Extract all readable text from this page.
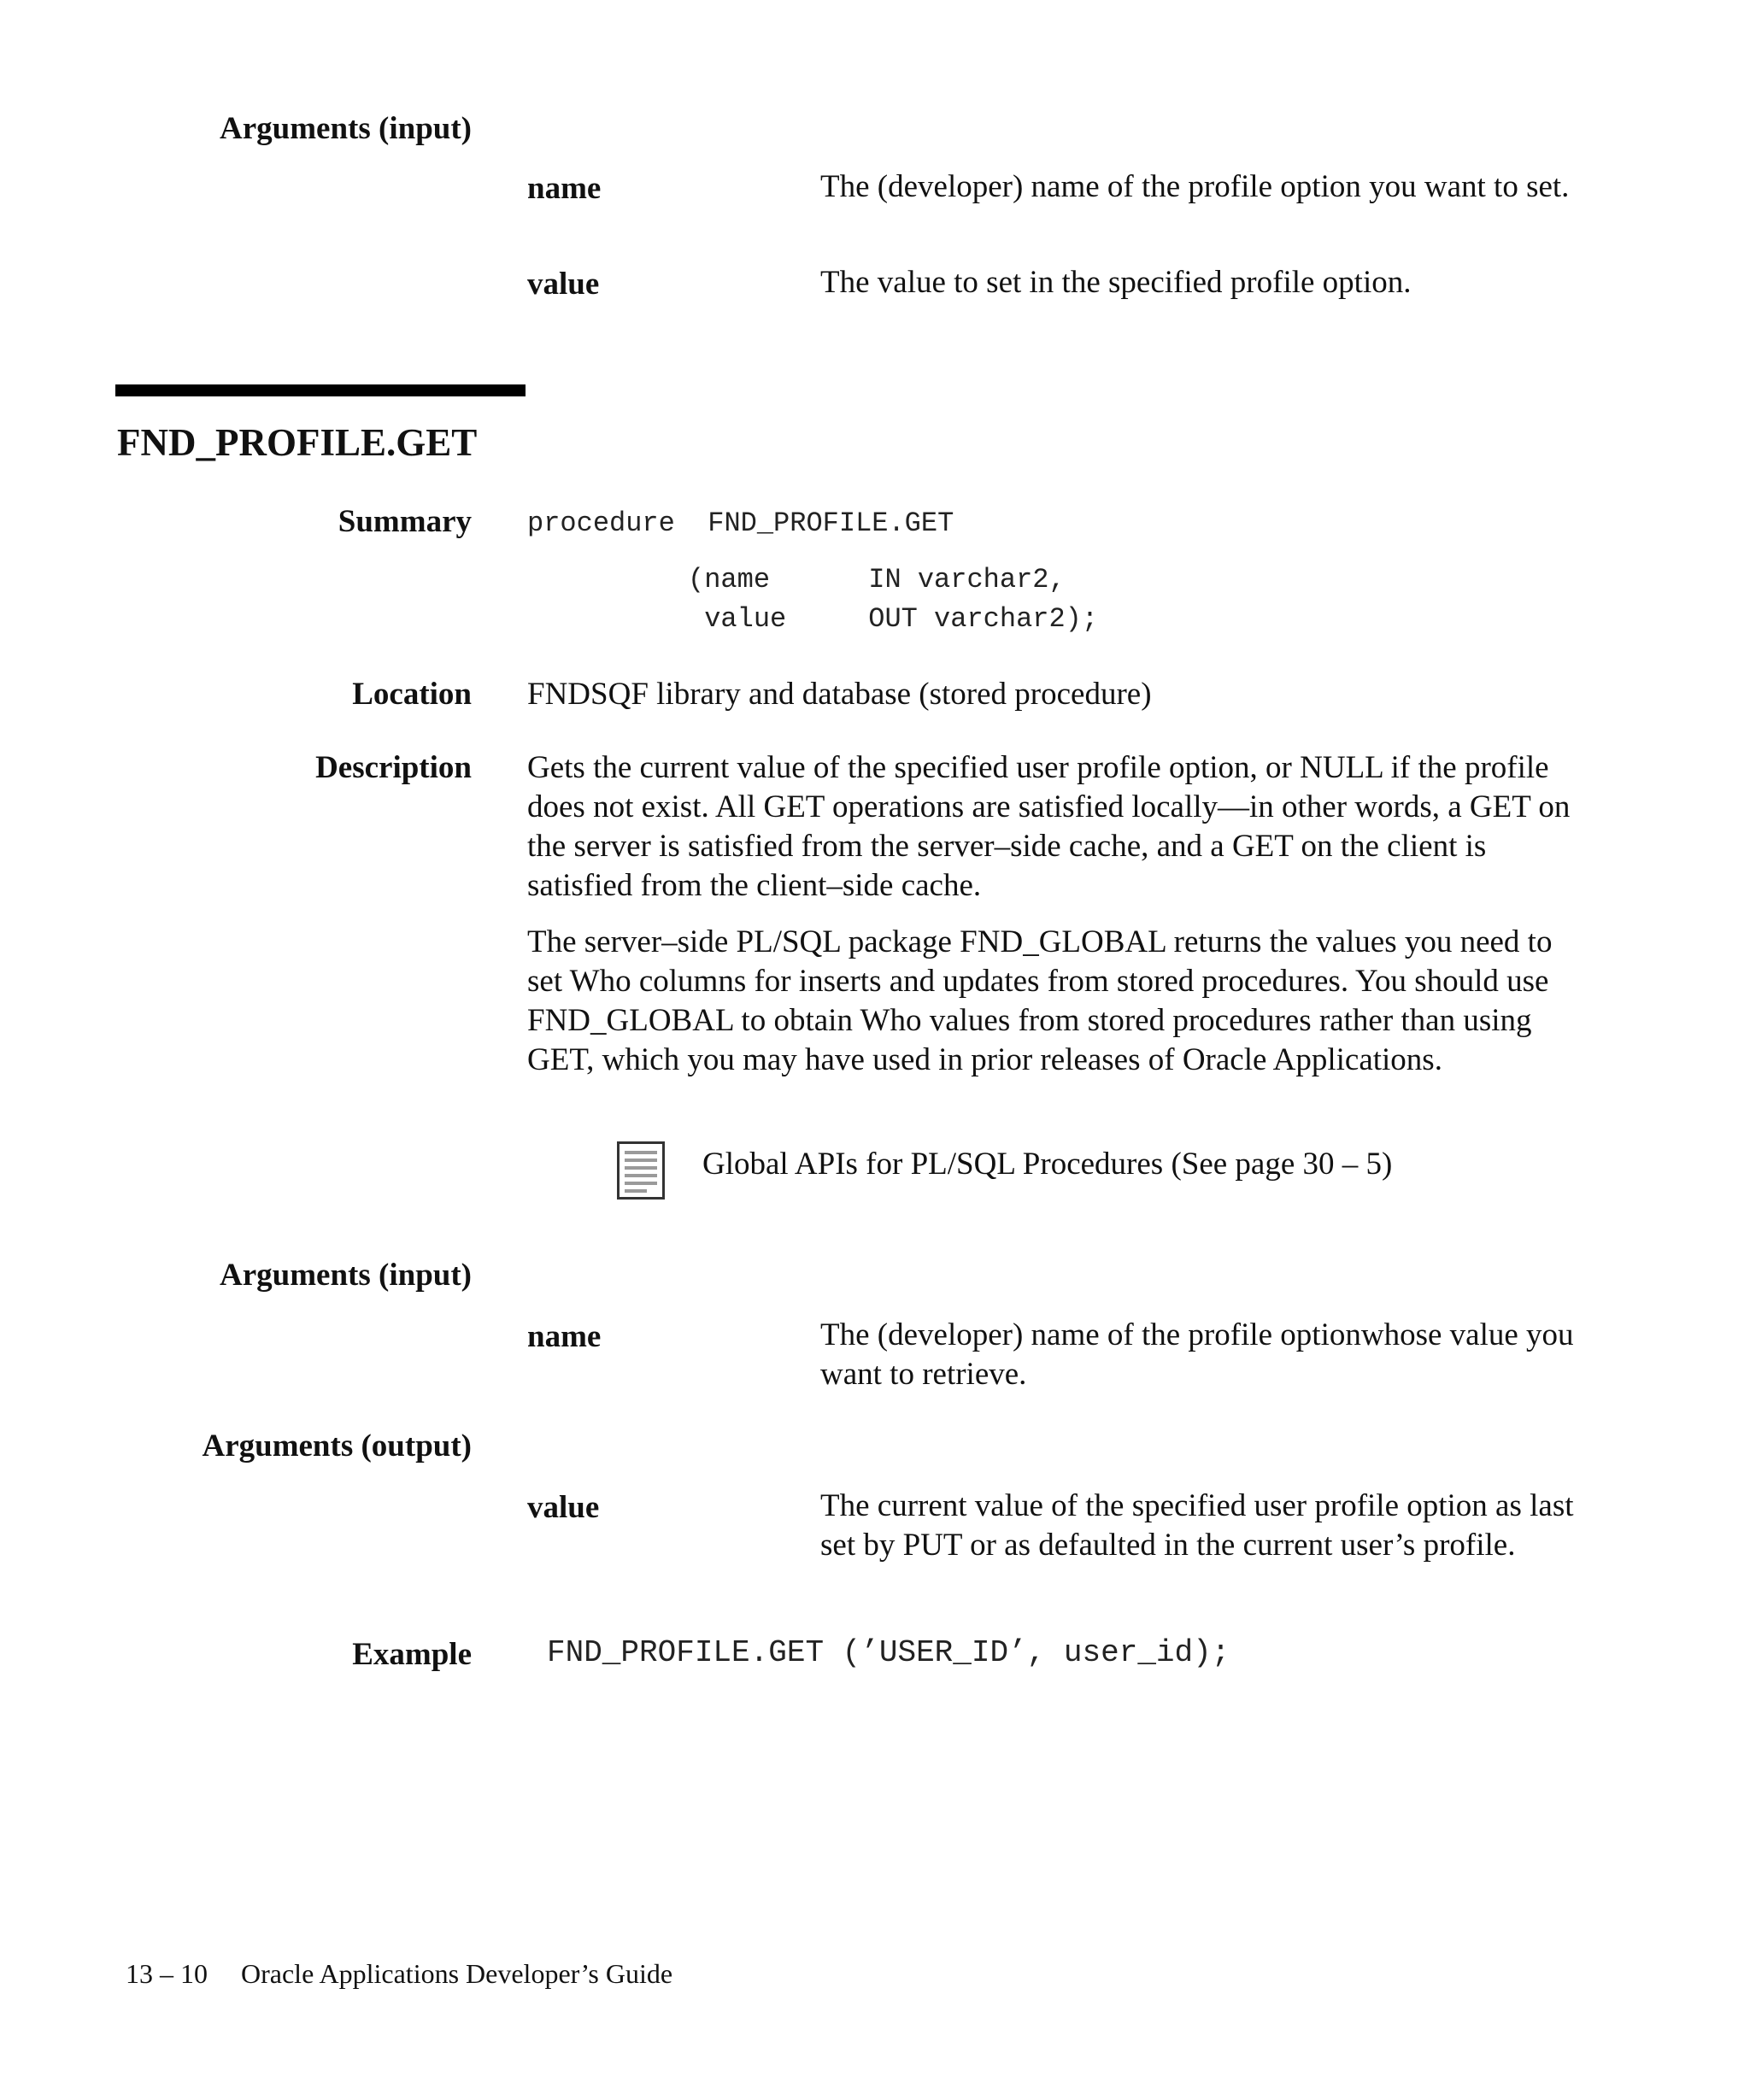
Arguments (input)
name	The (developer) name of the profile option you want to set.
value	The value to set in the specified profile option.
FND_PROFILE.GET
Summary procedure  FND_PROFILE.GET
(name      IN varchar2,
value     OUT varchar2);
Location FNDSQF library and database (stored procedure)
Description Gets the current value of the specified user profile option, or NULL if the profile does not exist. All GET operations are satisfied locally—in other words, a GET on the server is satisfied from the server–side cache, and a GET on the client is satisfied from the client–side cache.

The server–side PL/SQL package FND_GLOBAL returns the values you need to set Who columns for inserts and updates from stored procedures. You should use FND_GLOBAL to obtain Who values from stored procedures rather than using GET, which you may have used in prior releases of Oracle Applications.

Global APIs for PL/SQL Procedures (See page 30 – 5)
Arguments (input)
name	The (developer) name of the profile optionwhose value you want to retrieve.
Arguments (output)
value	The current value of the specified user profile option as last set by PUT or as defaulted in the current user’s profile.
Example FND_PROFILE.GET (’USER_ID’, user_id);
13 – 10 Oracle Applications Developer’s Guide
